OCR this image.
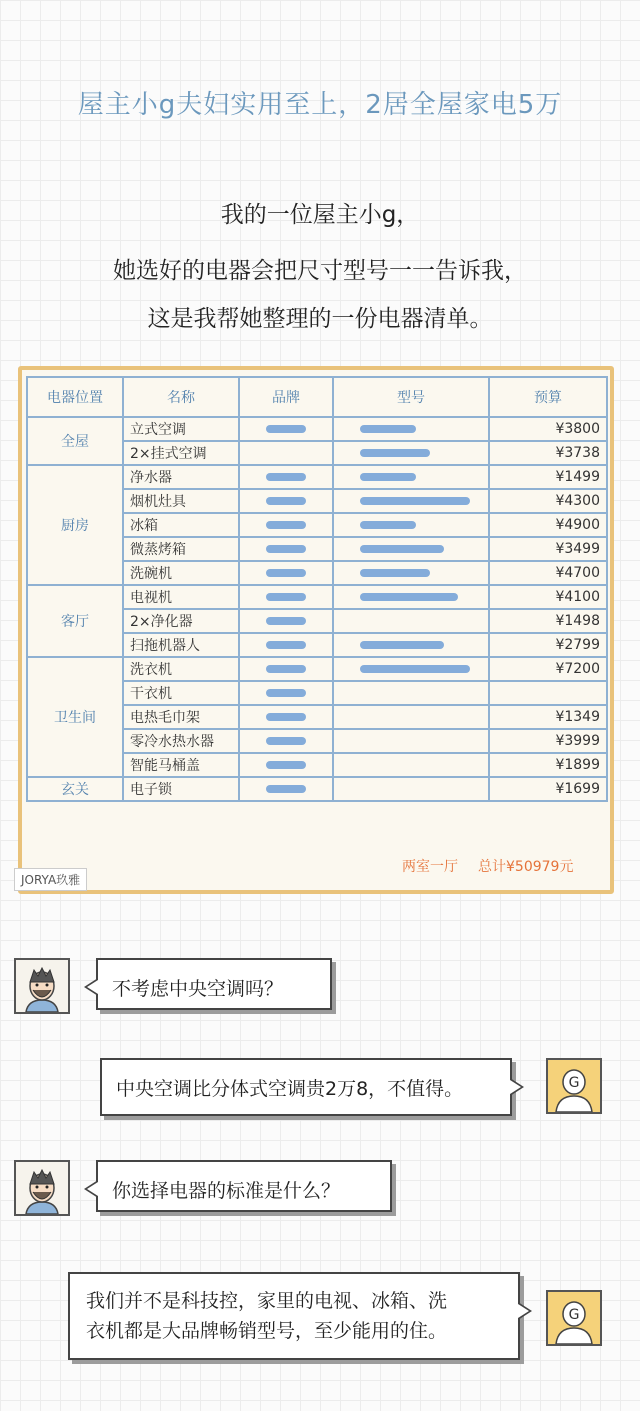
屋主小g夫妇实用至上，2居全屋家电5万
我的一位屋主小g，
她选好的电器会把尺寸型号一一告诉我，
这是我帮她整理的一份电器清单。
电器位置	名称	品牌	型号	预算
全屋	立式空调			¥3800
	2×挂式空调			¥3738
厨房	净水器			¥1499
	烟机灶具			¥4300
	冰箱			¥4900
	微蒸烤箱			¥3499
	洗碗机			¥4700
客厅	电视机			¥4100
	2×净化器			¥1498
	扫拖机器人			¥2799
卫生间	洗衣机			¥7200
	干衣机			
	电热毛巾架			¥1349
	零冷水热水器			¥3999
	智能马桶盖			¥1899
玄关	电子锁			¥1699
两室一厅 总计¥50979元
JORYA玖雅
不考虑中央空调吗？
中央空调比分体式空调贵2万8，不值得。	G
你选择电器的标准是什么？
我们并不是科技控，家里的电视、冰箱、洗
衣机都是大品牌畅销型号，至少能用的住。
G
